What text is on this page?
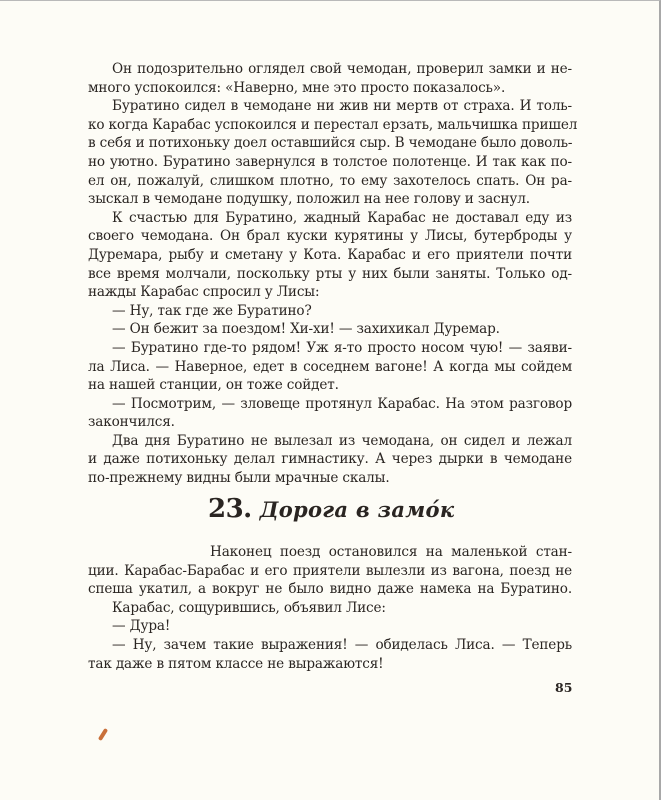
Он подозрительно оглядел свой чемодан, проверил замки и не-
много успокоился: «Наверно, мне это просто показалось».
Буратино сидел в чемодане ни жив ни мертв от страха. И толь-
ко когда Карабас успокоился и перестал ерзать, мальчишка пришел
в себя и потихоньку доел оставшийся сыр. В чемодане было доволь-
но уютно. Буратино завернулся в толстое полотенце. И так как по-
ел он, пожалуй, слишком плотно, то ему захотелось спать. Он ра-
зыскал в чемодане подушку, положил на нее голову и заснул.
К счастью для Буратино, жадный Карабас не доставал еду из
своего чемодана. Он брал куски курятины у Лисы, бутерброды у
Дуремара, рыбу и сметану у Кота. Карабас и его приятели почти
все время молчали, поскольку рты у них были заняты. Только од-
нажды Карабас спросил у Лисы:
— Ну, так где же Буратино?
— Он бежит за поездом! Хи-хи! — захихикал Дуремар.
— Буратино где-то рядом! Уж я-то просто носом чую! — заяви-
ла Лиса. — Наверное, едет в соседнем вагоне! А когда мы сойдем
на нашей станции, он тоже сойдет.
— Посмотрим, — зловеще протянул Карабас. На этом разговор
закончился.
Два дня Буратино не вылезал из чемодана, он сидел и лежал
и даже потихоньку делал гимнастику. А через дырки в чемодане
по-прежнему видны были мрачные скалы.
23. Дорога в замо́к
Наконец поезд остановился на маленькой стан-
ции. Карабас-Барабас и его приятели вылезли из вагона, поезд не
спеша укатил, а вокруг не было видно даже намека на Буратино.
Карабас, сощурившись, объявил Лисе:
— Дура!
— Ну, зачем такие выражения! — обиделась Лиса. — Теперь
так даже в пятом классе не выражаются!
85
